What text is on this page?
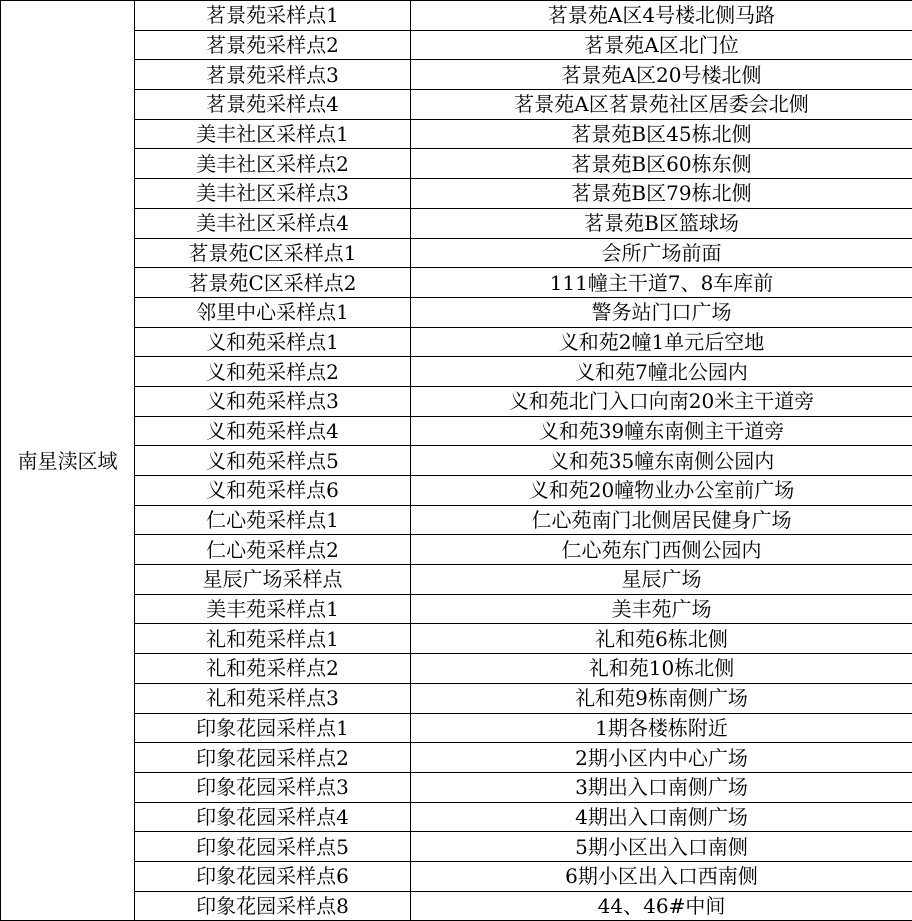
南星渎区域	茗景苑采样点1	茗景苑A区4号楼北侧马路
	茗景苑采样点2	茗景苑A区北门位
	茗景苑采样点3	茗景苑A区20号楼北侧
	茗景苑采样点4	茗景苑A区茗景苑社区居委会北侧
	美丰社区采样点1	茗景苑B区45栋北侧
	美丰社区采样点2	茗景苑B区60栋东侧
	美丰社区采样点3	茗景苑B区79栋北侧
	美丰社区采样点4	茗景苑B区篮球场
	茗景苑C区采样点1	会所广场前面
	茗景苑C区采样点2	111幢主干道7、8车库前
	邻里中心采样点1	警务站门口广场
	义和苑采样点1	义和苑2幢1单元后空地
	义和苑采样点2	义和苑7幢北公园内
	义和苑采样点3	义和苑北门入口向南20米主干道旁
	义和苑采样点4	义和苑39幢东南侧主干道旁
	义和苑采样点5	义和苑35幢东南侧公园内
	义和苑采样点6	义和苑20幢物业办公室前广场
	仁心苑采样点1	仁心苑南门北侧居民健身广场
	仁心苑采样点2	仁心苑东门西侧公园内
	星辰广场采样点	星辰广场
	美丰苑采样点1	美丰苑广场
	礼和苑采样点1	礼和苑6栋北侧
	礼和苑采样点2	礼和苑10栋北侧
	礼和苑采样点3	礼和苑9栋南侧广场
	印象花园采样点1	1期各楼栋附近
	印象花园采样点2	2期小区内中心广场
	印象花园采样点3	3期出入口南侧广场
	印象花园采样点4	4期出入口南侧广场
	印象花园采样点5	5期小区出入口南侧
	印象花园采样点6	6期小区出入口西南侧
	印象花园采样点8	44、46#中间
